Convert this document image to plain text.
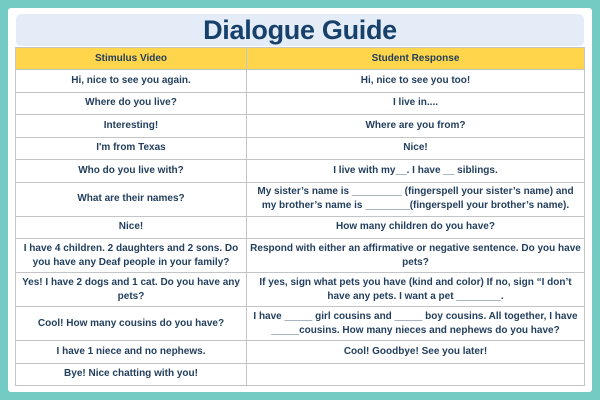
Dialogue Guide
Stimulus Video	Student Response
Hi, nice to see you again.	Hi, nice to see you too!
Where do you live?	I live in....
Interesting!	Where are you from?
I'm from Texas	Nice!
Who do you live with?	I live with my__. I have __ siblings.
What are their names?	My sister’s name is _________ (fingerspell your sister’s name) and my brother’s name is ________(fingerspell your brother’s name).
Nice!	How many children do you have?
I have 4 children. 2 daughters and 2 sons. Do you have any Deaf people in your family?	Respond with either an affirmative or negative sentence. Do you have pets?
Yes! I have 2 dogs and 1 cat. Do you have any pets?	If yes, sign what pets you have (kind and color) If no, sign “I don’t have any pets. I want a pet ________.
Cool! How many cousins do you have?	I have _____ girl cousins and _____ boy cousins. All together, I have _____cousins. How many nieces and nephews do you have?
I have 1 niece and no nephews.	Cool! Goodbye! See you later!
Bye! Nice chatting with you!	
